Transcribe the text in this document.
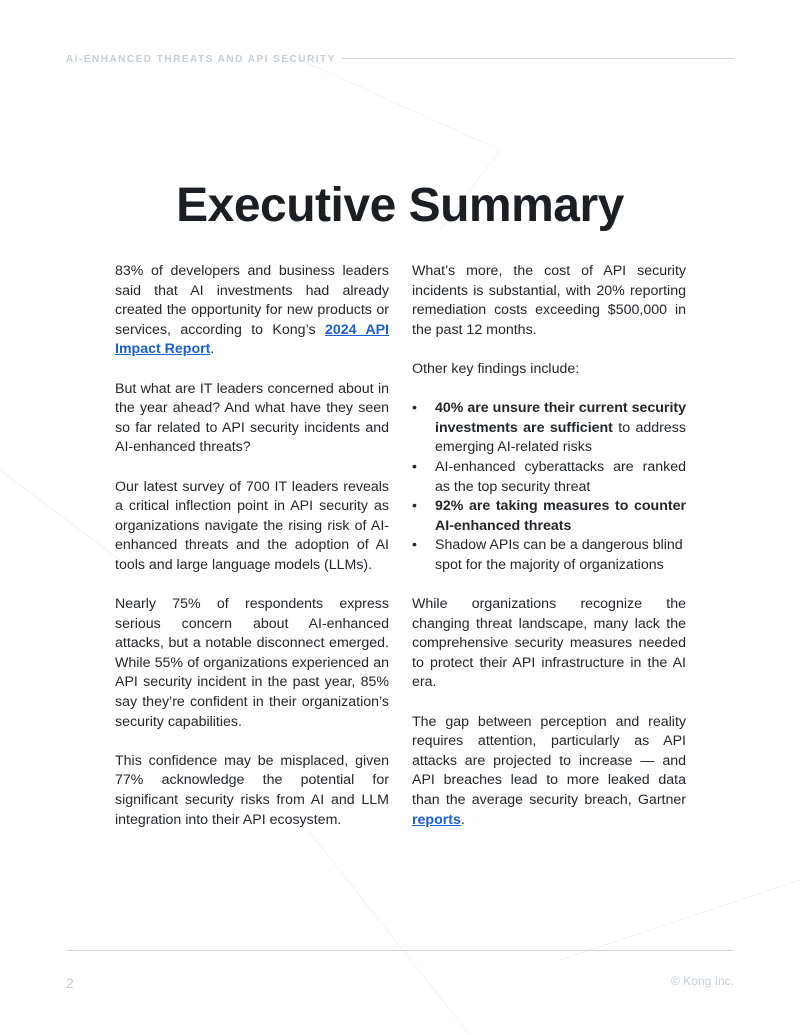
AI-ENHANCED THREATS AND API SECURITY
Executive Summary

83% of developers and business leaders said that AI investments had already created the opportunity for new products or services, according to Kong’s 2024 API Impact Report.

But what are IT leaders concerned about in the year ahead? And what have they seen so far related to API security incidents and AI-enhanced threats?

Our latest survey of 700 IT leaders reveals a critical inflection point in API security as organizations navigate the rising risk of AI-enhanced threats and the adoption of AI tools and large language models (LLMs).

Nearly 75% of respondents express serious concern about AI-enhanced attacks, but a notable disconnect emerged. While 55% of organizations experienced an API security incident in the past year, 85% say they’re confident in their organization’s security capabilities.

This confidence may be misplaced, given 77% acknowledge the potential for significant security risks from AI and LLM integration into their API ecosystem.

What’s more, the cost of API security incidents is substantial, with 20% reporting remediation costs exceeding $500,000 in the past 12 months.

Other key findings include:

• 40% are unsure their current security investments are sufficient to address emerging AI-related risks
• AI-enhanced cyberattacks are ranked as the top security threat
• 92% are taking measures to counter AI-enhanced threats
• Shadow APIs can be a dangerous blind spot for the majority of organizations

While organizations recognize the changing threat landscape, many lack the comprehensive security measures needed to protect their API infrastructure in the AI era.

The gap between perception and reality requires attention, particularly as API attacks are projected to increase — and API breaches lead to more leaked data than the average security breach, Gartner reports.

2	© Kong Inc.
